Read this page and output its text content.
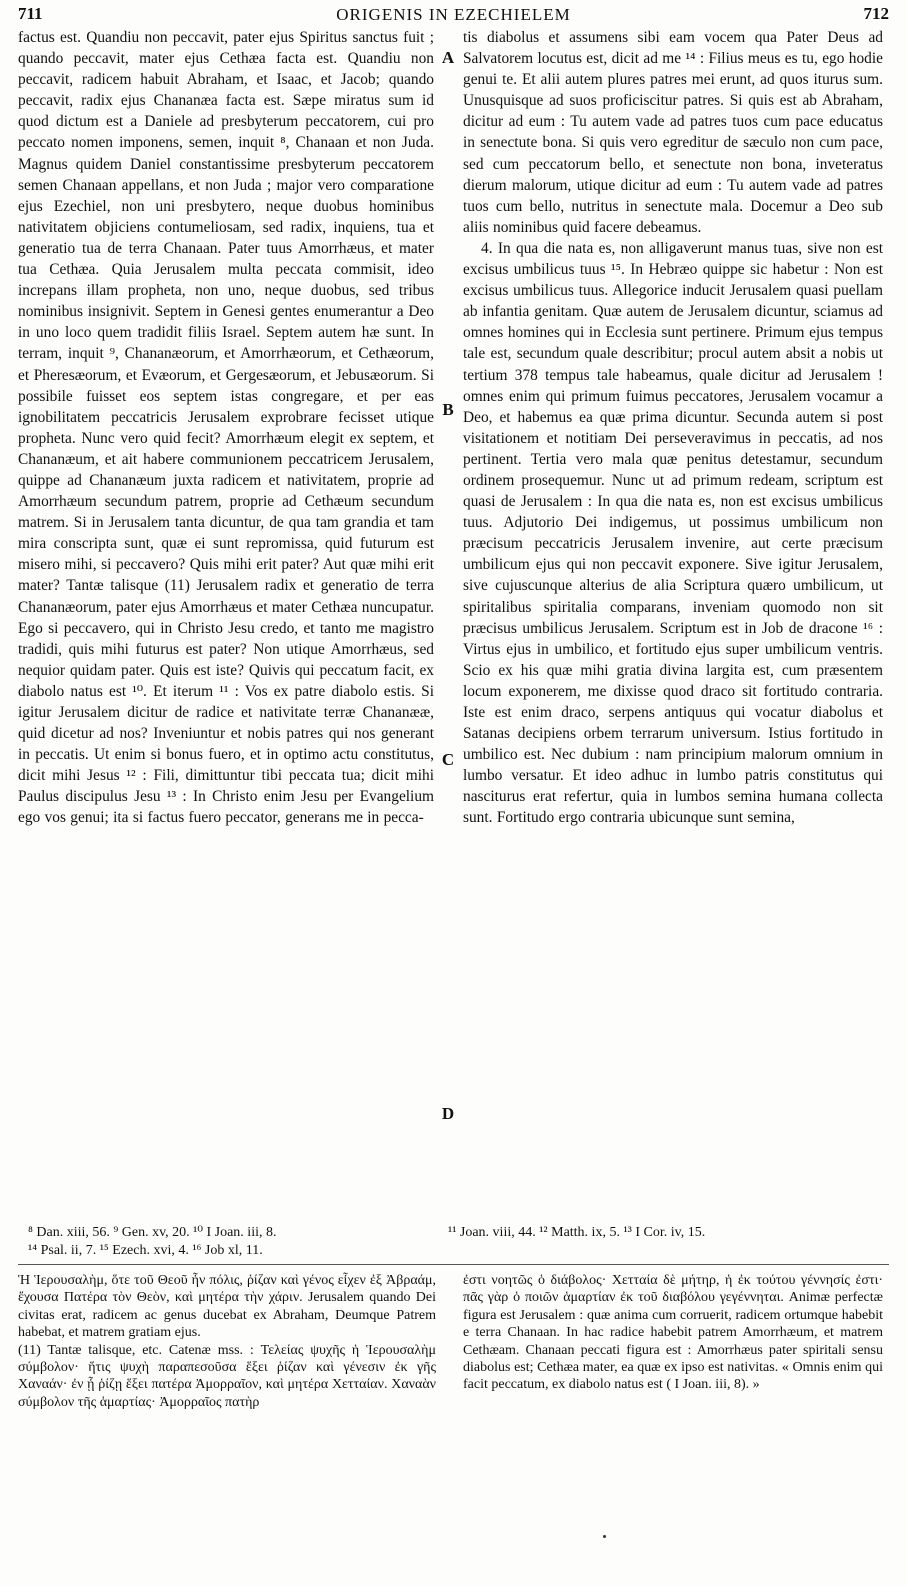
711	ORIGENIS IN EZECHIELEM	712

factus est. Quandiu non peccavit, pater ejus Spiritus sanctus fuit ; quando peccavit, mater ejus Cethæa facta est. Quandiu non peccavit, radicem habuit Abraham, et Isaac, et Jacob; quando peccavit, radix ejus Chananæa facta est. Sæpe miratus sum id quod dictum est a Daniele ad presbyterum peccatorem, cui pro peccato nomen imponens, semen, inquit ⁸, Chanaan et non Juda. Magnus quidem Daniel constantissime presbyterum peccatorem semen Chanaan appellans, et non Juda ; major vero comparatione ejus Ezechiel, non uni presbytero, neque duobus hominibus nativitatem objiciens contumeliosam, sed radix, inquiens, tua et generatio tua de terra Chanaan. Pater tuus Amorrhæus, et mater tua Cethæa. Quia Jerusalem multa peccata commisit, ideo increpans illam propheta, non uno, neque duobus, sed tribus nominibus insignivit. Septem in Genesi gentes enumerantur a Deo in uno loco quem tradidit filiis Israel. Septem autem hæ sunt. In terram, inquit ⁹, Chananæorum, et Amorrhæorum, et Cethæorum, et Pheresæorum, et Evæorum, et Gergesæorum, et Jebusæorum. Si possibile fuisset eos septem istas congregare, et per eas ignobilitatem peccatricis Jerusalem exprobrare fecisset utique propheta. Nunc vero quid fecit? Amorrhæum elegit ex septem, et Chananæum, et ait habere communionem peccatricem Jerusalem, quippe ad Chananæum juxta radicem et nativitatem, proprie ad Amorrhæum secundum patrem, proprie ad Cethæum secundum matrem. Si in Jerusalem tanta dicuntur, de qua tam grandia et tam mira conscripta sunt, quæ ei sunt repromissa, quid futurum est misero mihi, si peccavero? Quis mihi erit pater? Aut quæ mihi erit mater? Tantæ talisque (11) Jerusalem radix et generatio de terra Chananæorum, pater ejus Amorrhæus et mater Cethæa nuncupatur. Ego si peccavero, qui in Christo Jesu credo, et tanto me magistro tradidi, quis mihi futurus est pater? Non utique Amorrhæus, sed nequior quidam pater. Quis est iste? Quivis qui peccatum facit, ex diabolo natus est ¹⁰. Et iterum ¹¹ : Vos ex patre diabolo estis. Si igitur Jerusalem dicitur de radice et nativitate terræ Chananææ, quid dicetur ad nos? Inveniuntur et nobis patres qui nos generant in peccatis. Ut enim si bonus fuero, et in optimo actu constitutus, dicit mihi Jesus ¹² : Fili, dimittuntur tibi peccata tua; dicit mihi Paulus discipulus Jesu ¹³ : In Christo enim Jesu per Evangelium ego vos genui; ita si factus fuero peccator, generans me in pecca-

A
B
C
D

tis diabolus et assumens sibi eam vocem qua Pater Deus ad Salvatorem locutus est, dicit ad me ¹⁴ : Filius meus es tu, ego hodie genui te. Et alii autem plures patres mei erunt, ad quos iturus sum. Unusquisque ad suos proficiscitur patres. Si quis est ab Abraham, dicitur ad eum : Tu autem vade ad patres tuos cum pace educatus in senectute bona. Si quis vero egreditur de sæculo non cum pace, sed cum peccatorum bello, et senectute non bona, inveteratus dierum malorum, utique dicitur ad eum : Tu autem vade ad patres tuos cum bello, nutritus in senectute mala. Docemur a Deo sub aliis nominibus quid facere debeamus.

4. In qua die nata es, non alligaverunt manus tuas, sive non est excisus umbilicus tuus ¹⁵. In Hebræo quippe sic habetur : Non est excisus umbilicus tuus. Allegorice inducit Jerusalem quasi puellam ab infantia genitam. Quæ autem de Jerusalem dicuntur, sciamus ad omnes homines qui in Ecclesia sunt pertinere. Primum ejus tempus tale est, secundum quale describitur; procul autem absit a nobis ut tertium 378 tempus tale habeamus, quale dicitur ad Jerusalem ! omnes enim qui primum fuimus peccatores, Jerusalem vocamur a Deo, et habemus ea quæ prima dicuntur. Secunda autem si post visitationem et notitiam Dei perseveravimus in peccatis, ad nos pertinent. Tertia vero mala quæ penitus detestamur, secundum ordinem prosequemur. Nunc ut ad primum redeam, scriptum est quasi de Jerusalem : In qua die nata es, non est excisus umbilicus tuus. Adjutorio Dei indigemus, ut possimus umbilicum non præcisum peccatricis Jerusalem invenire, aut certe præcisum umbilicum ejus qui non peccavit exponere. Sive igitur Jerusalem, sive cujuscunque alterius de alia Scriptura quæro umbilicum, ut spiritalibus spiritalia comparans, inveniam quomodo non sit præcisus umbilicus Jerusalem. Scriptum est in Job de dracone ¹⁶ : Virtus ejus in umbilico, et fortitudo ejus super umbilicum ventris. Scio ex his quæ mihi gratia divina largita est, cum præsentem locum exponerem, me dixisse quod draco sit fortitudo contraria. Iste est enim draco, serpens antiquus qui vocatur diabolus et Satanas decipiens orbem terrarum universum. Istius fortitudo in umbilico est. Nec dubium : nam principium malorum omnium in lumbo versatur. Et ideo adhuc in lumbo patris constitutus qui nasciturus erat refertur, quia in lumbos semina humana collecta sunt. Fortitudo ergo contraria ubicunque sunt semina,

⁸ Dan. xiii, 56. ⁹ Gen. xv, 20. ¹⁰ I Joan. iii, 8.
¹⁴ Psal. ii, 7. ¹⁵ Ezech. xvi, 4. ¹⁶ Job xl, 11.
¹¹ Joan. viii, 44. ¹² Matth. ix, 5. ¹³ I Cor. iv, 15.

Ἡ Ἱερουσαλὴμ, ὅτε τοῦ Θεοῦ ἦν πόλις, ῥίζαν καὶ γένος εἶχεν ἐξ Ἀβραάμ, ἔχουσα Πατέρα τὸν Θεὸν, καὶ μητέρα τὴν χάριν. Jerusalem quando Dei civitas erat, radicem ac genus ducebat ex Abraham, Deumque Patrem habebat, et matrem gratiam ejus.

(11) Tantæ talisque, etc. Catenæ mss. : Τελείας ψυχῆς ἡ Ἱερουσαλὴμ σύμβολον· ἥτις ψυχὴ παραπεσοῦσα ἕξει ῥίζαν καὶ γένεσιν ἐκ γῆς Χαναάν· ἐν ᾗ ῥίζῃ ἕξει πατέρα Ἀμορραῖον, καὶ μητέρα Χετταίαν. Χαναὰν σύμβολον τῆς ἁμαρτίας· Ἀμορραῖος πατὴρ

ἐστι νοητῶς ὁ διάβολος· Χετταία δὲ μήτηρ, ἡ ἐκ τούτου γέννησίς ἐστι· πᾶς γὰρ ὁ ποιῶν ἁμαρτίαν ἐκ τοῦ διαβόλου γεγέννηται. Animæ perfectæ figura est Jerusalem : quæ anima cum corruerit, radicem ortumque habebit e terra Chanaan. In hac radice habebit patrem Amorrhæum, et matrem Cethæam. Chanaan peccati figura est : Amorrhæus pater spiritali sensu diabolus est; Cethæa mater, ea quæ ex ipso est nativitas. « Omnis enim qui facit peccatum, ex diabolo natus est ( I Joan. iii, 8). »
